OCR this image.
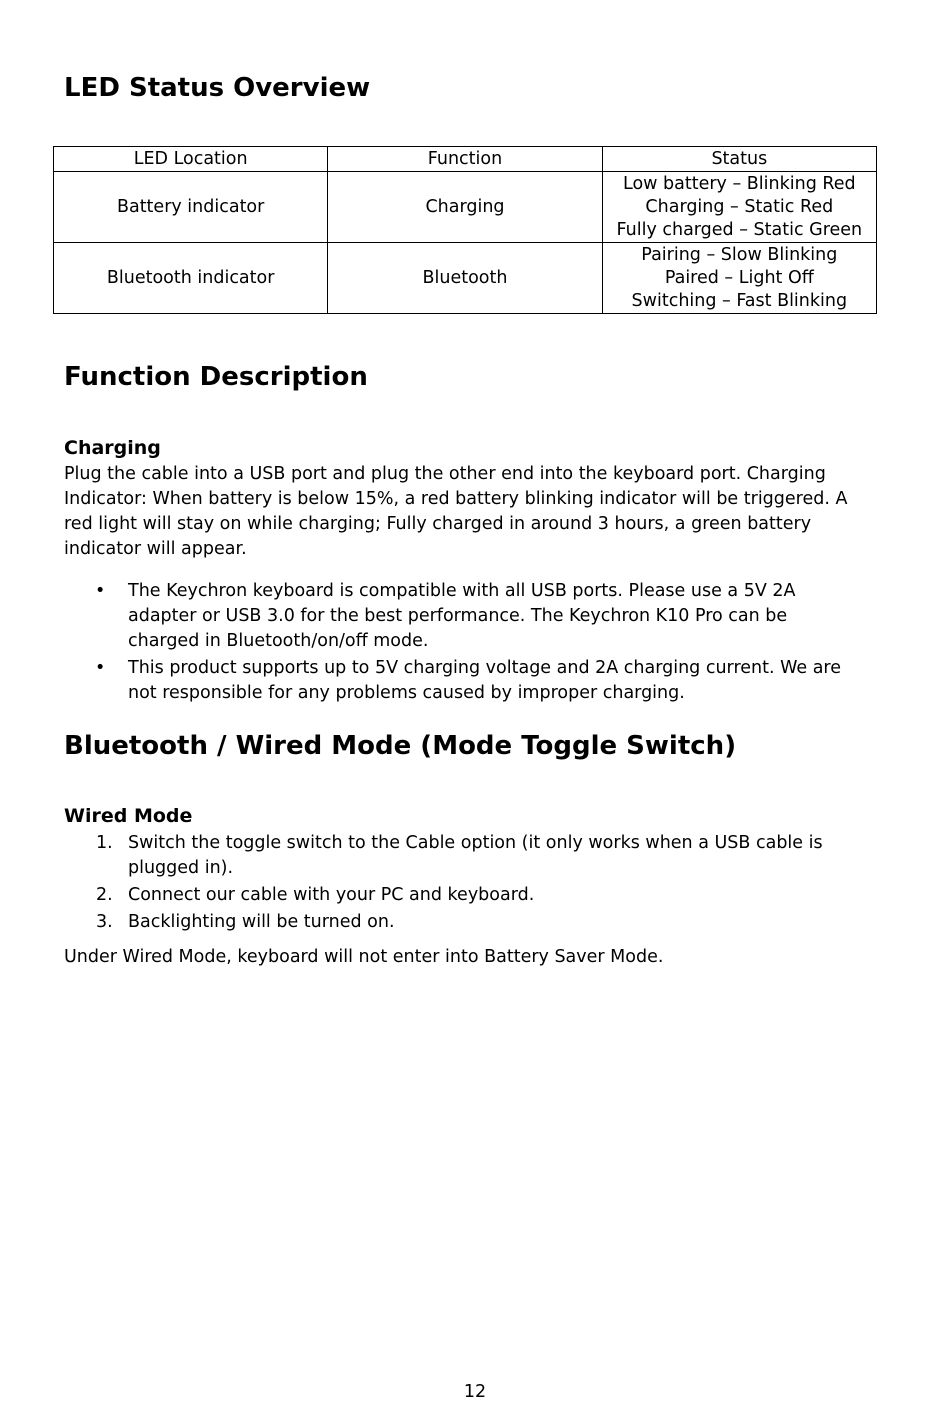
LED Status Overview
LED Location	Function	Status
Battery indicator	Charging	Low battery – Blinking Red
Charging – Static Red
Fully charged – Static Green

Bluetooth indicator	Bluetooth	Pairing – Slow Blinking
Paired – Light Off
Switching – Fast Blinking
Function Description
Charging

Plug the cable into a USB port and plug the other end into the keyboard port. Charging Indicator: When battery is below 15%, a red battery blinking indicator will be triggered. A red light will stay on while charging; Fully charged in around 3 hours, a green battery indicator will appear.

•	The Keychron keyboard is compatible with all USB ports. Please use a 5V 2A adapter or USB 3.0 for the best performance. The Keychron K10 Pro can be charged in Bluetooth/on/off mode.
•	This product supports up to 5V charging voltage and 2A charging current. We are not responsible for any problems caused by improper charging.
Bluetooth / Wired Mode (Mode Toggle Switch)
Wired Mode
1. Switch the toggle switch to the Cable option (it only works when a USB cable is plugged in).
2. Connect our cable with your PC and keyboard.
3. Backlighting will be turned on.

Under Wired Mode, keyboard will not enter into Battery Saver Mode.

12
